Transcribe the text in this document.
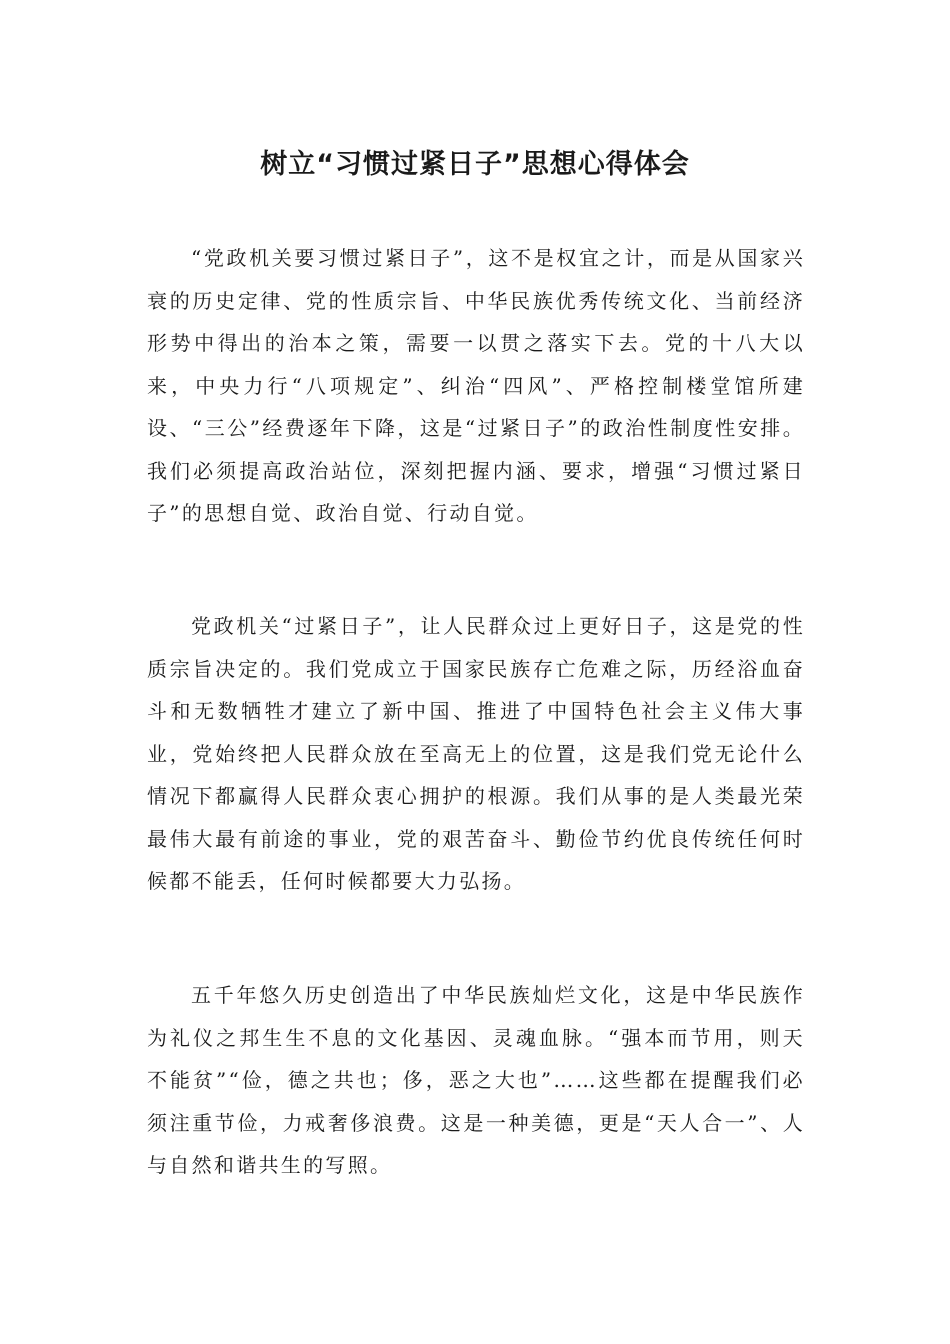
树立“习惯过紧日子”思想心得体会

“党政机关要习惯过紧日子”，这不是权宜之计，而是从国家兴衰的历史定律、党的性质宗旨、中华民族优秀传统文化、当前经济形势中得出的治本之策，需要一以贯之落实下去。党的十八大以来，中央力行“八项规定”、纠治“四风”、严格控制楼堂馆所建设、“三公”经费逐年下降，这是“过紧日子”的政治性制度性安排。我们必须提高政治站位，深刻把握内涵、要求，增强“习惯过紧日子”的思想自觉、政治自觉、行动自觉。

党政机关“过紧日子”，让人民群众过上更好日子，这是党的性质宗旨决定的。我们党成立于国家民族存亡危难之际，历经浴血奋斗和无数牺牲才建立了新中国、推进了中国特色社会主义伟大事业，党始终把人民群众放在至高无上的位置，这是我们党无论什么情况下都赢得人民群众衷心拥护的根源。我们从事的是人类最光荣最伟大最有前途的事业，党的艰苦奋斗、勤俭节约优良传统任何时候都不能丢，任何时候都要大力弘扬。

五千年悠久历史创造出了中华民族灿烂文化，这是中华民族作为礼仪之邦生生不息的文化基因、灵魂血脉。“强本而节用，则天不能贫”“俭，德之共也；侈，恶之大也”……这些都在提醒我们必须注重节俭，力戒奢侈浪费。这是一种美德，更是“天人合一”、人与自然和谐共生的写照。
